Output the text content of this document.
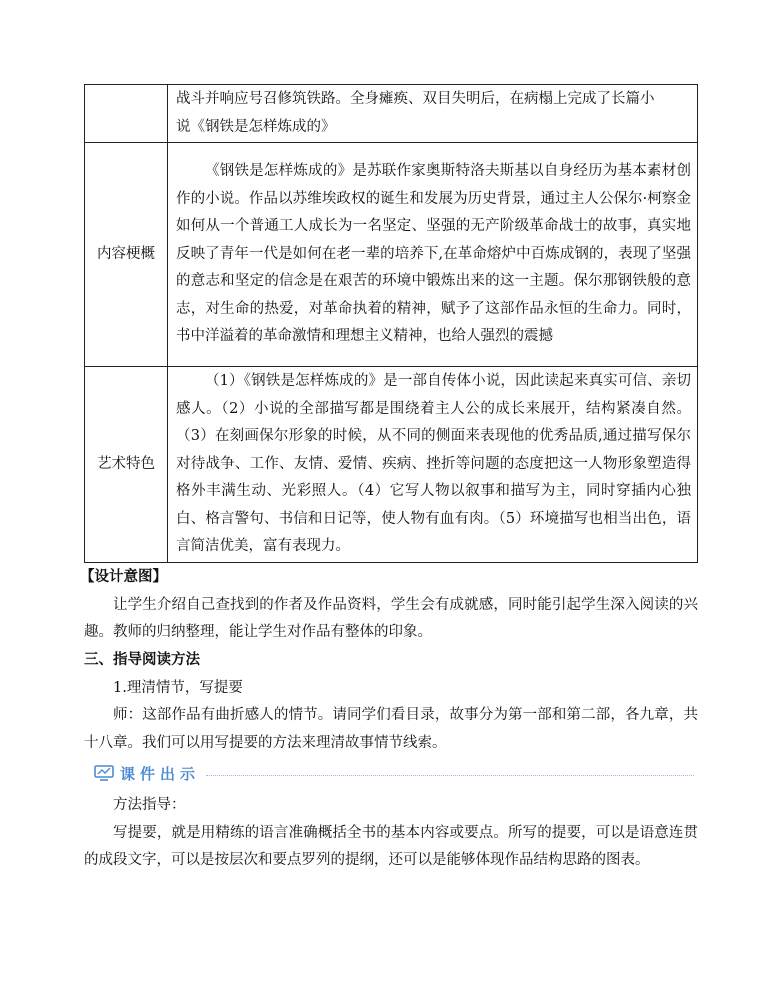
	战斗并响应号召修筑铁路。全身瘫痪、双目失明后，在病榻上完成了长篇小

说《钢铁是怎样炼成的》

内容梗概	《钢铁是怎样炼成的》是苏联作家奥斯特洛夫斯基以自身经历为基本素材创作的小说。作品以苏维埃政权的诞生和发展为历史背景，通过主人公保尔·柯察金如何从一个普通工人成长为一名坚定、坚强的无产阶级革命战士的故事，真实地反映了青年一代是如何在老一辈的培养下,在革命熔炉中百炼成钢的，表现了坚强的意志和坚定的信念是在艰苦的环境中锻炼出来的这一主题。保尔那钢铁般的意志，对生命的热爱，对革命执着的精神，赋予了这部作品永恒的生命力。同时，书中洋溢着的革命激情和理想主义精神，也给人强烈的震撼

艺术特色	（1）《钢铁是怎样炼成的》是一部自传体小说，因此读起来真实可信、亲切感人。（2）小说的全部描写都是围绕着主人公的成长来展开，结构紧凑自然。（3）在刻画保尔形象的时候，从不同的侧面来表现他的优秀品质,通过描写保尔对待战争、工作、友情、爱情、疾病、挫折等问题的态度把这一人物形象塑造得格外丰满生动、光彩照人。（4）它写人物以叙事和描写为主，同时穿插内心独白、格言警句、书信和日记等，使人物有血有肉。（5）环境描写也相当出色，语言简洁优美，富有表现力。

【设计意图】

让学生介绍自己查找到的作者及作品资料，学生会有成就感，同时能引起学生深入阅读的兴趣。教师的归纳整理，能让学生对作品有整体的印象。

三、指导阅读方法

1.理清情节，写提要

师：这部作品有曲折感人的情节。请同学们看目录，故事分为第一部和第二部，各九章，共十八章。我们可以用写提要的方法来理清故事情节线索。

课件出示

方法指导：

写提要，就是用精练的语言准确概括全书的基本内容或要点。所写的提要，可以是语意连贯的成段文字，可以是按层次和要点罗列的提纲，还可以是能够体现作品结构思路的图表。
